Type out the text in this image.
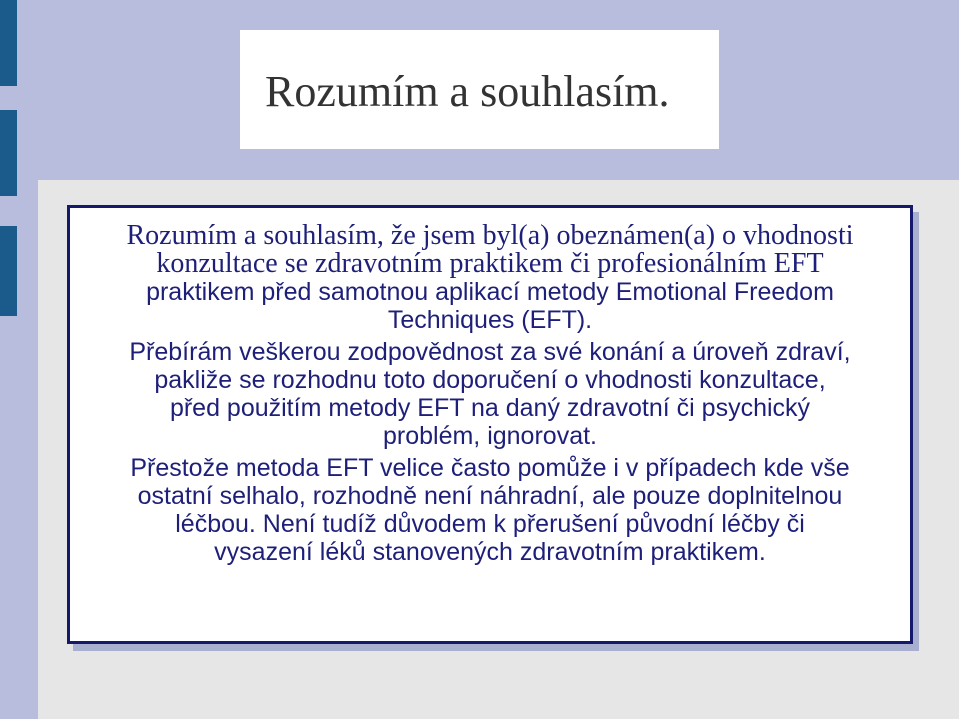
Rozumím a souhlasím.
Rozumím a souhlasím, že jsem byl(a) obeznámen(a) o vhodnosti
konzultace se zdravotním praktikem či profesionálním EFT
praktikem před samotnou aplikací metody Emotional Freedom
Techniques (EFT).
Přebírám veškerou zodpovědnost za své konání a úroveň zdraví,
pakliže se rozhodnu toto doporučení o vhodnosti konzultace,
před použitím metody EFT na daný zdravotní či psychický
problém, ignorovat.
Přestože metoda EFT velice často pomůže i v případech kde vše
ostatní selhalo, rozhodně není náhradní, ale pouze doplnitelnou
léčbou. Není tudíž důvodem k přerušení původní léčby či
vysazení léků stanovených zdravotním praktikem.
